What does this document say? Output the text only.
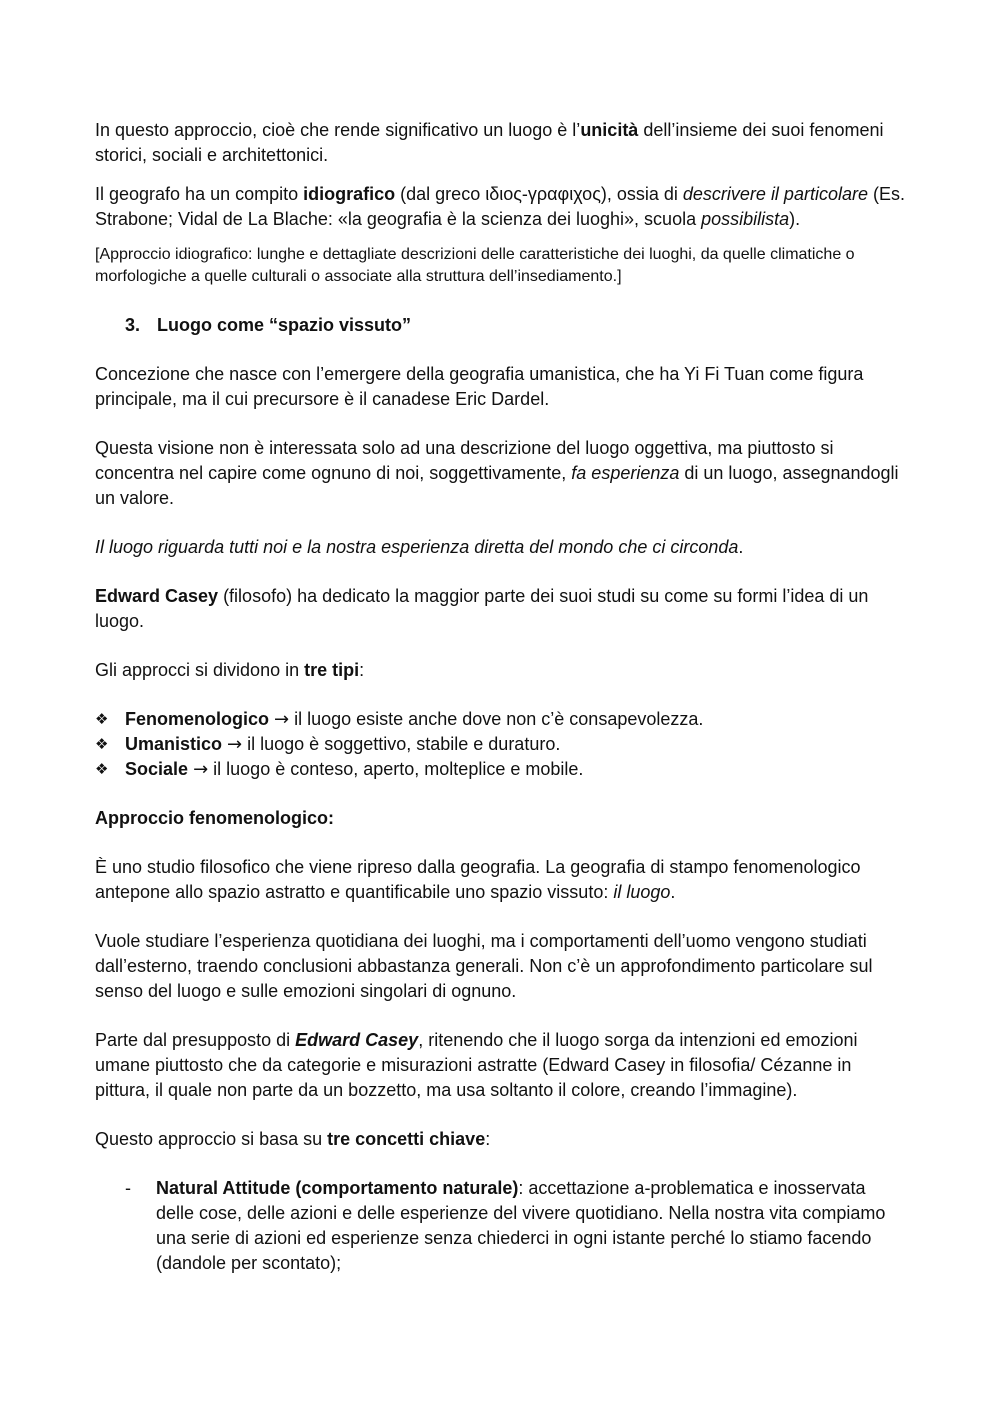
In questo approccio, cioè che rende significativo un luogo è l’unicità dell’insieme dei suoi fenomeni storici, sociali e architettonici.

Il geografo ha un compito idiografico (dal greco ιδιος-γραφιχος), ossia di descrivere il particolare (Es. Strabone; Vidal de La Blache: «la geografia è la scienza dei luoghi», scuola possibilista).

[Approccio idiografico: lunghe e dettagliate descrizioni delle caratteristiche dei luoghi, da quelle climatiche o morfologiche a quelle culturali o associate alla struttura dell’insediamento.]

3. Luogo come “spazio vissuto”

Concezione che nasce con l’emergere della geografia umanistica, che ha Yi Fi Tuan come figura principale, ma il cui precursore è il canadese Eric Dardel.

Questa visione non è interessata solo ad una descrizione del luogo oggettiva, ma piuttosto si concentra nel capire come ognuno di noi, soggettivamente, fa esperienza di un luogo, assegnandogli un valore.

Il luogo riguarda tutti noi e la nostra esperienza diretta del mondo che ci circonda.

Edward Casey (filosofo) ha dedicato la maggior parte dei suoi studi su come su formi l’idea di un luogo.

Gli approcci si dividono in tre tipi:

❖ Fenomenologico → il luogo esiste anche dove non c’è consapevolezza.
❖ Umanistico → il luogo è soggettivo, stabile e duraturo.
❖ Sociale → il luogo è conteso, aperto, molteplice e mobile.

Approccio fenomenologico:

È uno studio filosofico che viene ripreso dalla geografia. La geografia di stampo fenomenologico antepone allo spazio astratto e quantificabile uno spazio vissuto: il luogo.

Vuole studiare l’esperienza quotidiana dei luoghi, ma i comportamenti dell’uomo vengono studiati dall’esterno, traendo conclusioni abbastanza generali. Non c’è un approfondimento particolare sul senso del luogo e sulle emozioni singolari di ognuno.

Parte dal presupposto di Edward Casey, ritenendo che il luogo sorga da intenzioni ed emozioni umane piuttosto che da categorie e misurazioni astratte (Edward Casey in filosofia/ Cézanne in pittura, il quale non parte da un bozzetto, ma usa soltanto il colore, creando l’immagine).

Questo approccio si basa su tre concetti chiave:

-	Natural Attitude (comportamento naturale): accettazione a-problematica e inosservata delle cose, delle azioni e delle esperienze del vivere quotidiano. Nella nostra vita compiamo una serie di azioni ed esperienze senza chiederci in ogni istante perché lo stiamo facendo (dandole per scontato);
